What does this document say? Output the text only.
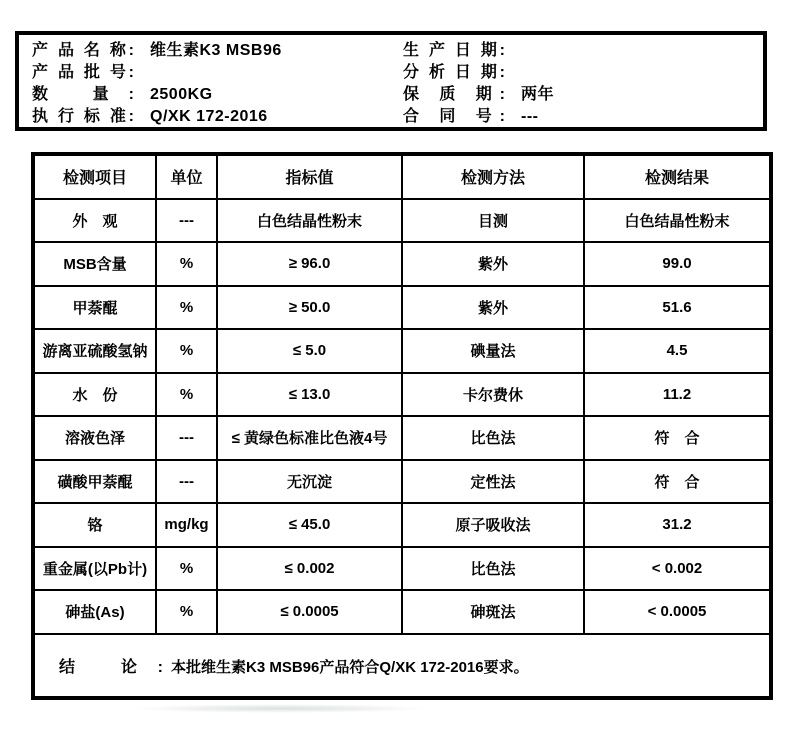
产 品 名 称: 维生素K3 MSB96
产 品 批 号:
数 量: 2500KG
执 行 标 准: Q/XK 172-2016
生 产 日 期:
分 析 日 期:
保 质 期: 两年
合 同 号: ---
检测项目	单位	指标值	检测方法	检测结果
外　观	---	白色结晶性粉末	目测	白色结晶性粉末
MSB含量	%	≥ 96.0	紫外	99.0
甲萘醌	%	≥ 50.0	紫外	51.6
游离亚硫酸氢钠	%	≤ 5.0	碘量法	4.5
水　份	%	≤ 13.0	卡尔费休	11.2
溶液色泽	---	≤ 黄绿色标准比色液4号	比色法	符　合
磺酸甲萘醌	---	无沉淀	定性法	符　合
铬	mg/kg	≤ 45.0	原子吸收法	31.2
重金属(以Pb计)	%	≤ 0.002	比色法	< 0.002
砷盐(As)	%	≤ 0.0005	砷斑法	< 0.0005
结 论: 本批维生素K3 MSB96产品符合Q/XK 172-2016要求。				
